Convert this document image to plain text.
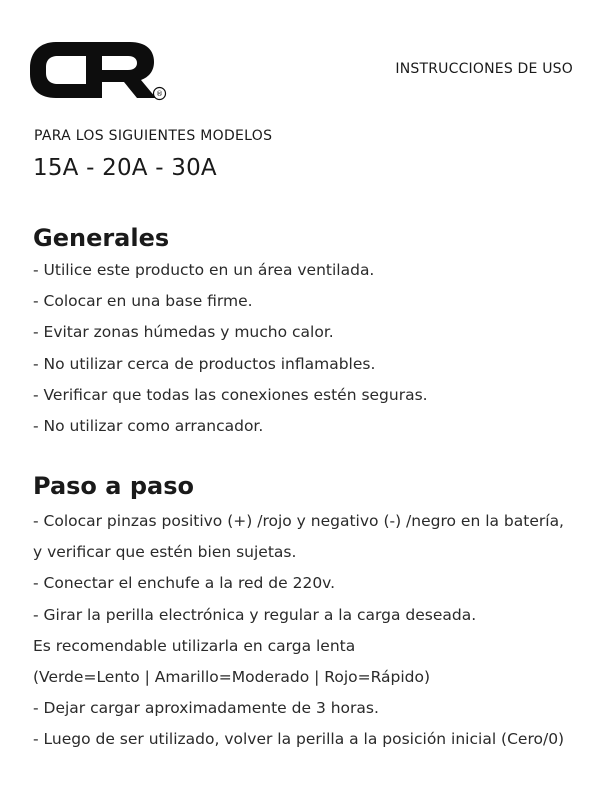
®
INSTRUCCIONES DE USO
PARA LOS SIGUIENTES MODELOS
15A - 20A - 30A
Generales
- Utilice este producto en un área ventilada.
- Colocar en una base firme.
- Evitar zonas húmedas y mucho calor.
- No utilizar cerca de productos inflamables.
- Verificar que todas las conexiones estén seguras.
- No utilizar como arrancador.
Paso a paso
- Colocar pinzas positivo (+) /rojo y negativo (-) /negro en la batería,
y verificar que estén bien sujetas.
- Conectar el enchufe a la red de 220v.
- Girar la perilla electrónica y regular a la carga deseada.
Es recomendable utilizarla en carga lenta
(Verde=Lento | Amarillo=Moderado | Rojo=Rápido)
- Dejar cargar aproximadamente de 3 horas.
- Luego de ser utilizado, volver la perilla a la posición inicial (Cero/0)
